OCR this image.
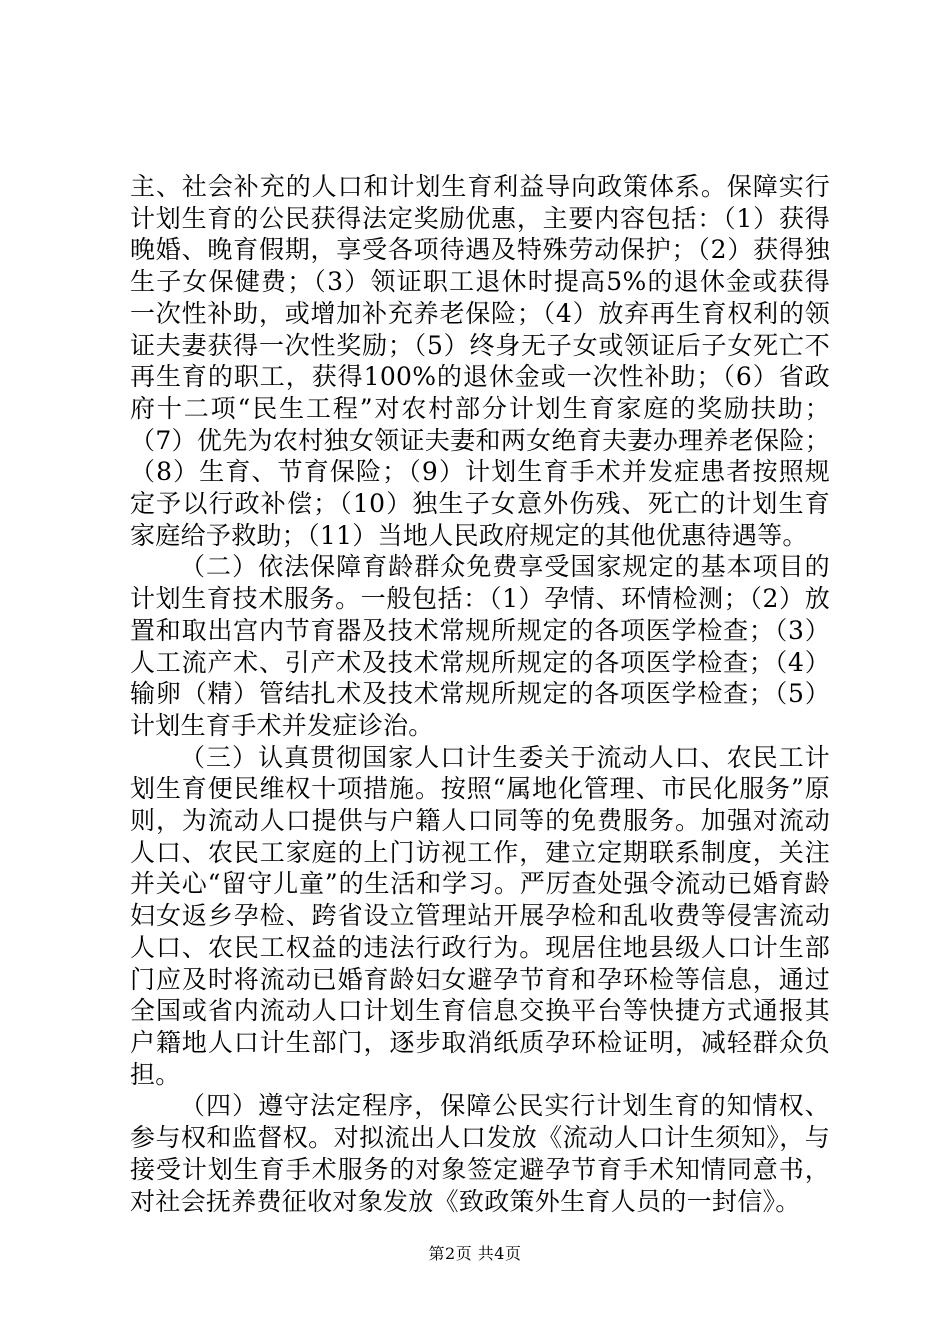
主、社会补充的人口和计划生育利益导向政策体系。保障实行计划生育的公民获得法定奖励优惠，主要内容包括：（1）获得晚婚、晚育假期，享受各项待遇及特殊劳动保护；（2）获得独生子女保健费；（3）领证职工退休时提高5%的退休金或获得一次性补助，或增加补充养老保险；（4）放弃再生育权利的领证夫妻获得一次性奖励；（5）终身无子女或领证后子女死亡不再生育的职工，获得100%的退休金或一次性补助；（6）省政府十二项“民生工程”对农村部分计划生育家庭的奖励扶助；（7）优先为农村独女领证夫妻和两女绝育夫妻办理养老保险；（8）生育、节育保险；（9）计划生育手术并发症患者按照规定予以行政补偿；（10）独生子女意外伤残、死亡的计划生育家庭给予救助；（11）当地人民政府规定的其他优惠待遇等。

（二）依法保障育龄群众免费享受国家规定的基本项目的计划生育技术服务。一般包括：（1）孕情、环情检测；（2）放置和取出宫内节育器及技术常规所规定的各项医学检查；（3）人工流产术、引产术及技术常规所规定的各项医学检查；（4）输卵（精）管结扎术及技术常规所规定的各项医学检查；（5）计划生育手术并发症诊治。

（三）认真贯彻国家人口计生委关于流动人口、农民工计划生育便民维权十项措施。按照“属地化管理、市民化服务”原则，为流动人口提供与户籍人口同等的免费服务。加强对流动人口、农民工家庭的上门访视工作，建立定期联系制度，关注并关心“留守儿童”的生活和学习。严厉查处强令流动已婚育龄妇女返乡孕检、跨省设立管理站开展孕检和乱收费等侵害流动人口、农民工权益的违法行政行为。现居住地县级人口计生部门应及时将流动已婚育龄妇女避孕节育和孕环检等信息，通过全国或省内流动人口计划生育信息交换平台等快捷方式通报其户籍地人口计生部门，逐步取消纸质孕环检证明，减轻群众负担。

（四）遵守法定程序，保障公民实行计划生育的知情权、参与权和监督权。对拟流出人口发放《流动人口计生须知》，与接受计划生育手术服务的对象签定避孕节育手术知情同意书，对社会抚养费征收对象发放《致政策外生育人员的一封信》。

第2页 共4页
